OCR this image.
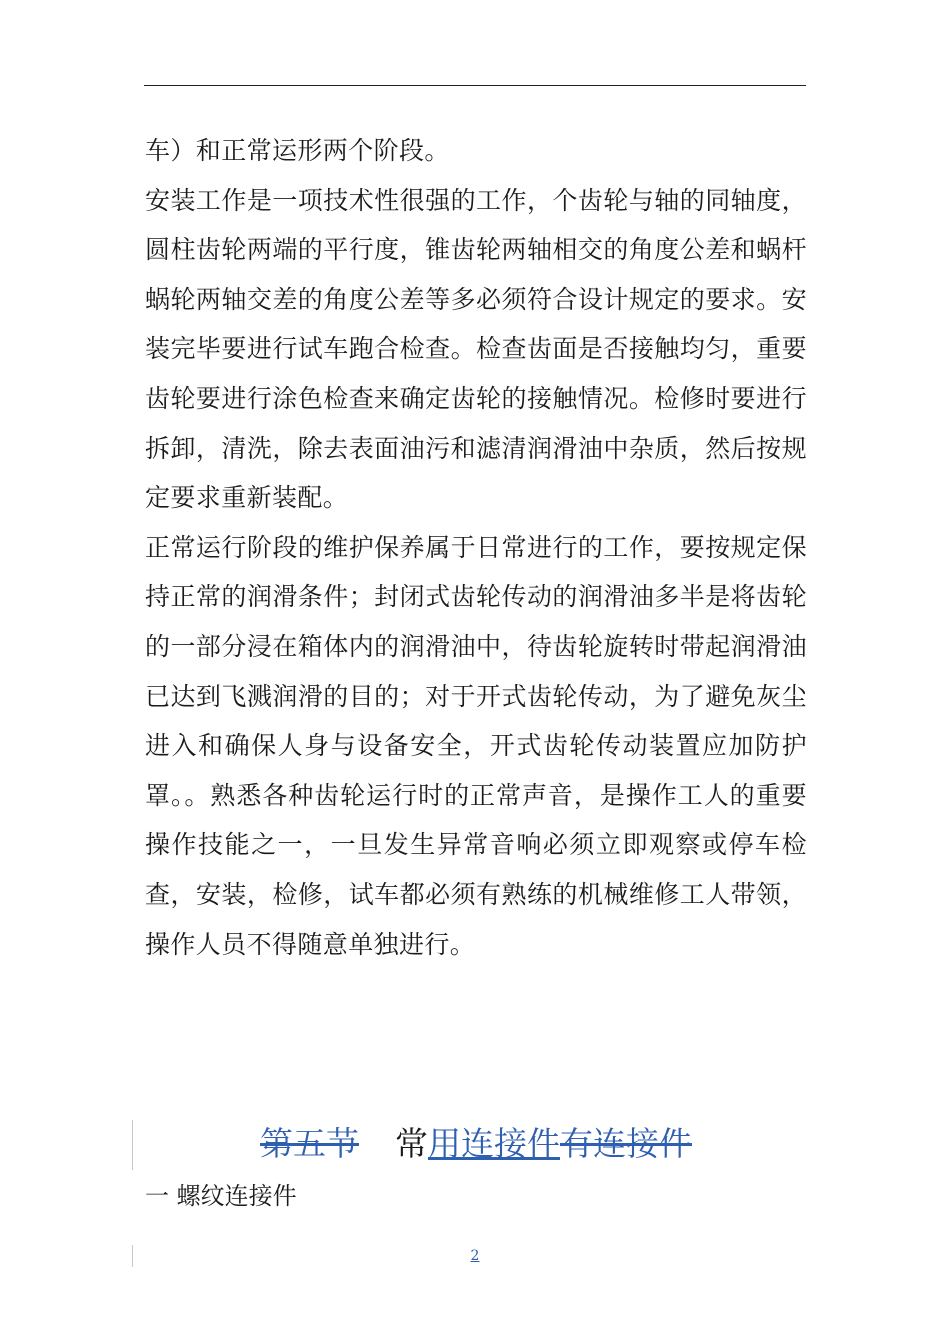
车）和正常运形两个阶段。

安装工作是一项技术性很强的工作，个齿轮与轴的同轴度，圆柱齿轮两端的平行度，锥齿轮两轴相交的角度公差和蜗杆蜗轮两轴交差的角度公差等多必须符合设计规定的要求。安装完毕要进行试车跑合检查。检查齿面是否接触均匀，重要齿轮要进行涂色检查来确定齿轮的接触情况。检修时要进行拆卸，清洗，除去表面油污和滤清润滑油中杂质，然后按规定要求重新装配。

正常运行阶段的维护保养属于日常进行的工作，要按规定保持正常的润滑条件；封闭式齿轮传动的润滑油多半是将齿轮的一部分浸在箱体内的润滑油中，待齿轮旋转时带起润滑油已达到飞溅润滑的目的；对于开式齿轮传动，为了避免灰尘进入和确保人身与设备安全，开式齿轮传动装置应加防护罩。。熟悉各种齿轮运行时的正常声音，是操作工人的重要操作技能之一，一旦发生异常音响必须立即观察或停车检查，安装，检修，试车都必须有熟练的机械维修工人带领，操作人员不得随意单独进行。

第五节 常用连接件有连接件
一 螺纹连接件
2
